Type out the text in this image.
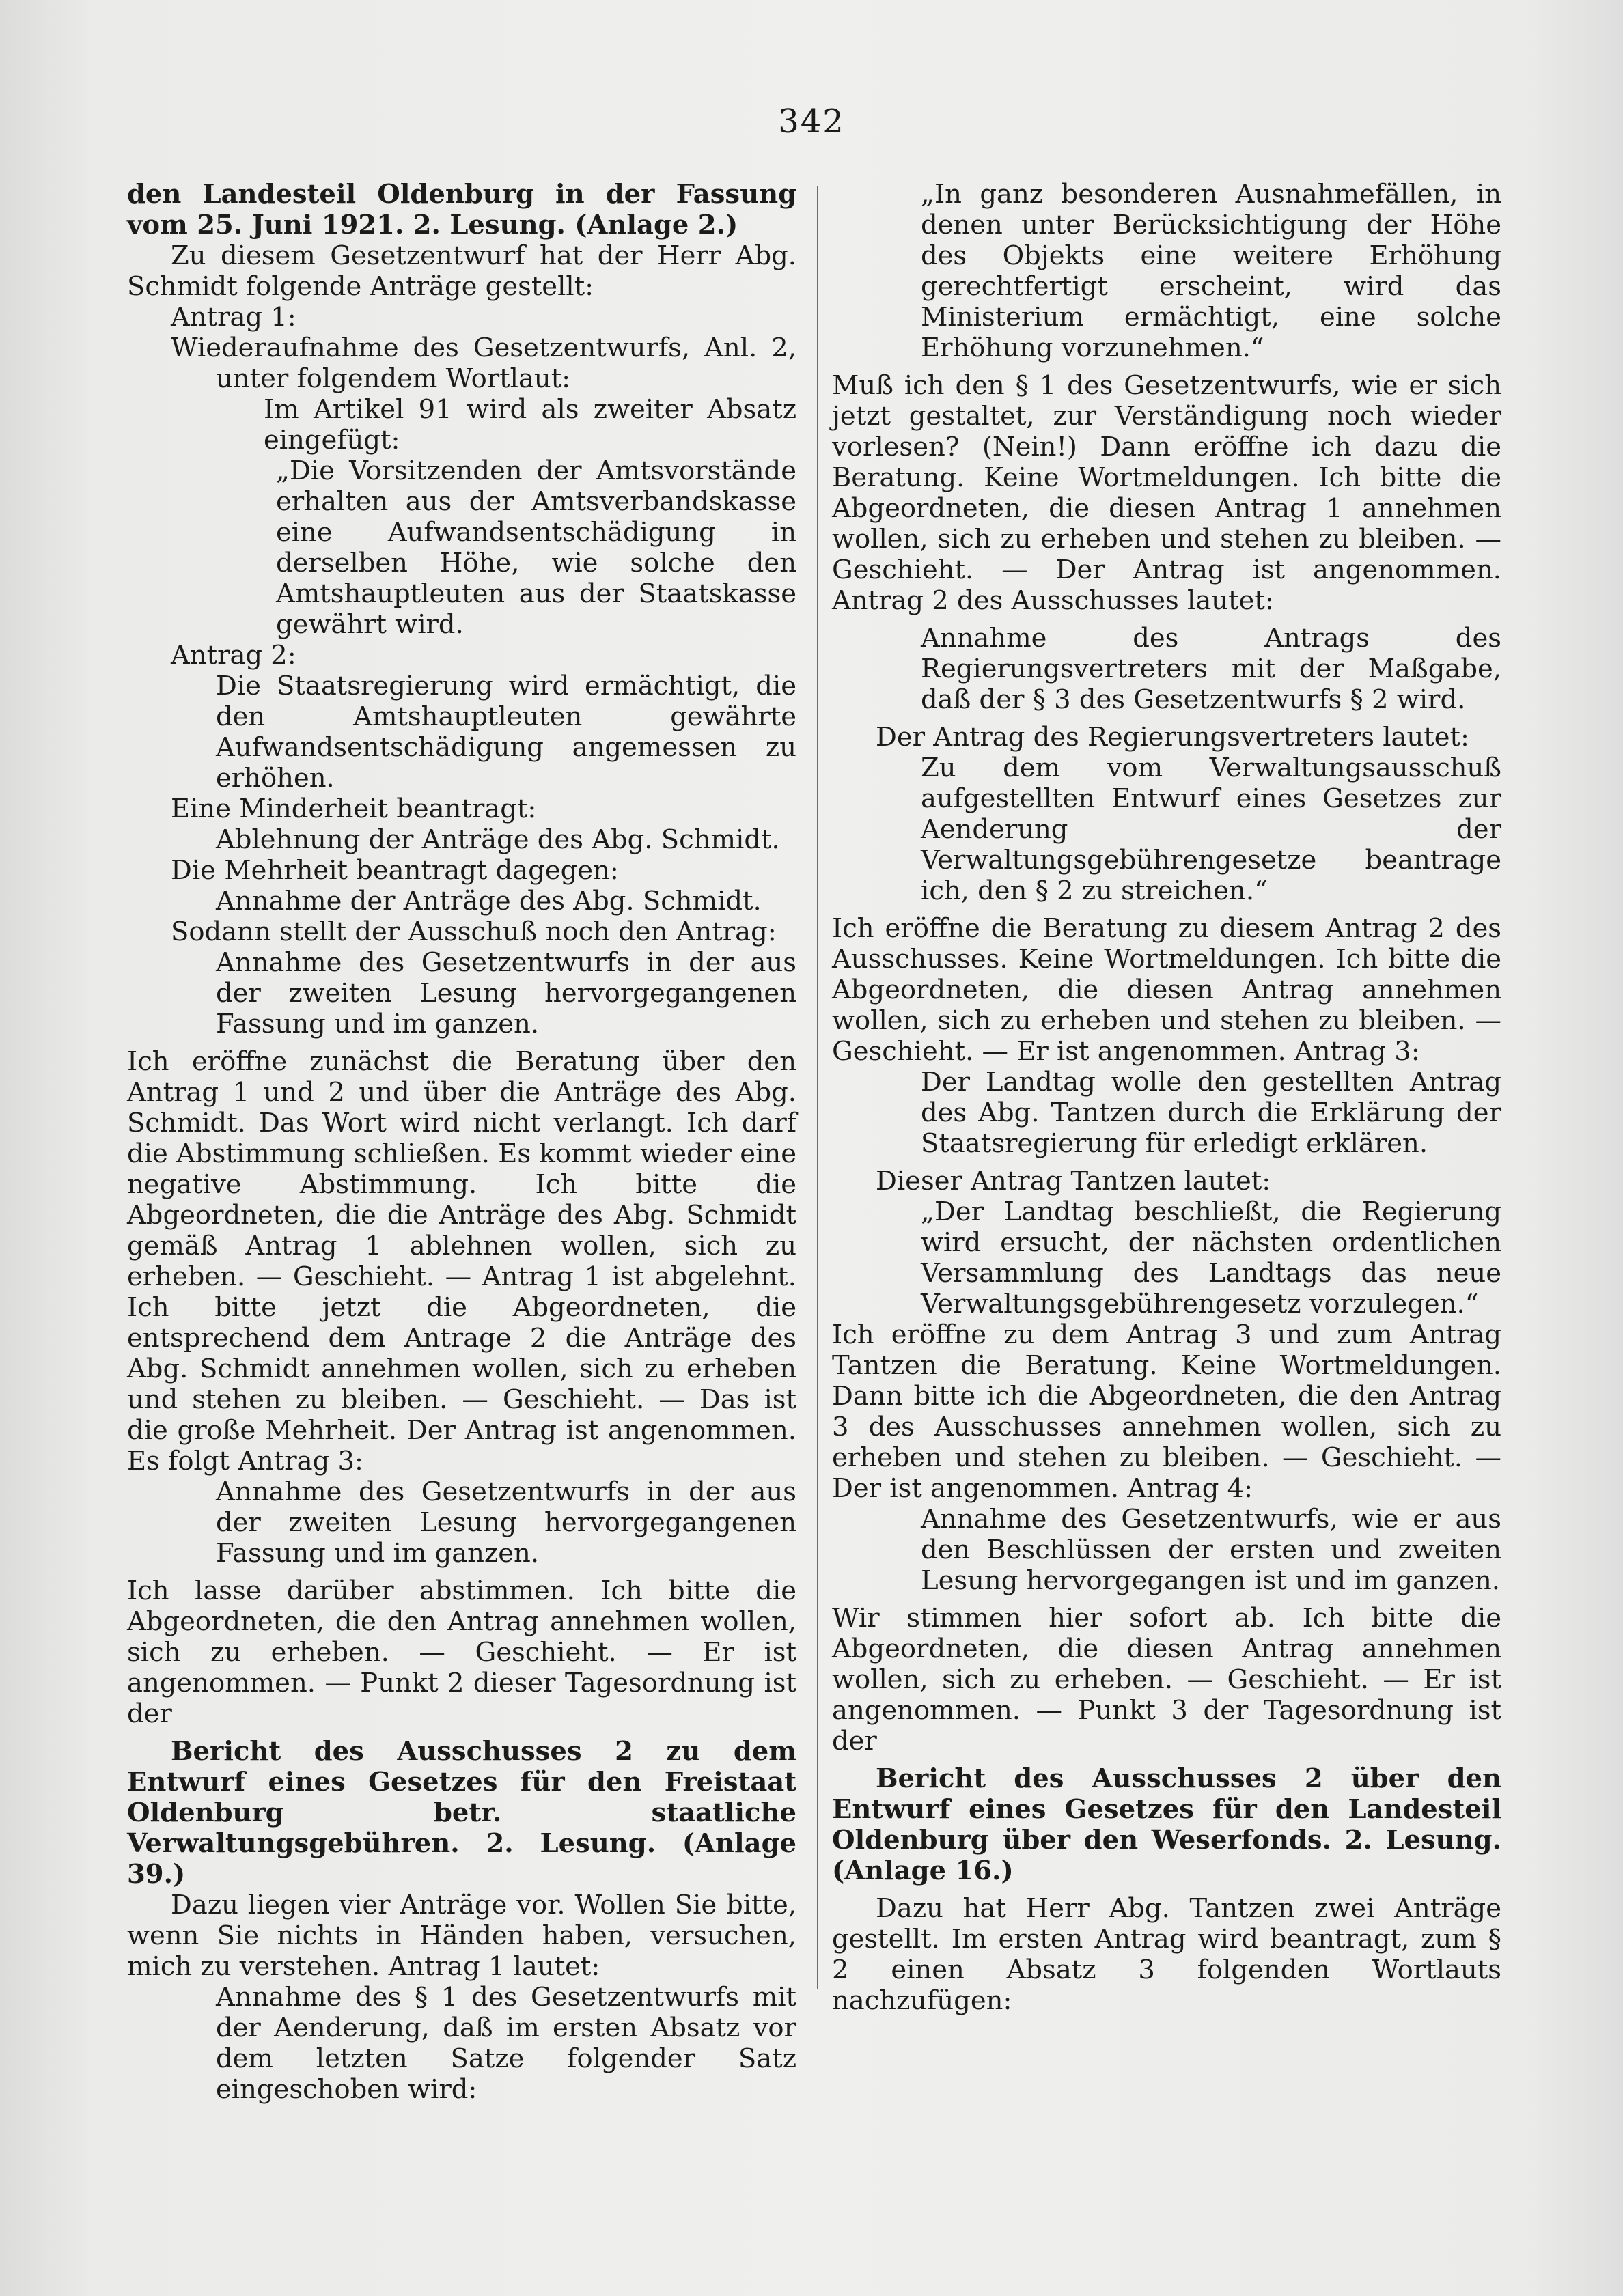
342

den Landesteil Oldenburg in der Fassung vom 25. Juni 1921. 2. Lesung. (Anlage 2.)

Zu diesem Gesetzentwurf hat der Herr Abg. Schmidt folgende Anträge gestellt:

Antrag 1:

Wiederaufnahme des Gesetzentwurfs, Anl. 2, unter folgendem Wortlaut:

Im Artikel 91 wird als zweiter Absatz eingefügt:

„Die Vorsitzenden der Amtsvorstände erhalten aus der Amtsverbandskasse eine Aufwandsentschädigung in derselben Höhe, wie solche den Amtshauptleuten aus der Staatskasse gewährt wird.

Antrag 2:

Die Staatsregierung wird ermächtigt, die den Amtshauptleuten gewährte Aufwandsentschädigung angemessen zu erhöhen.

Eine Minderheit beantragt:

Ablehnung der Anträge des Abg. Schmidt.

Die Mehrheit beantragt dagegen:

Annahme der Anträge des Abg. Schmidt.

Sodann stellt der Ausschuß noch den Antrag:

Annahme des Gesetzentwurfs in der aus der zweiten Lesung hervorgegangenen Fassung und im ganzen.

Ich eröffne zunächst die Beratung über den Antrag 1 und 2 und über die Anträge des Abg. Schmidt. Das Wort wird nicht verlangt. Ich darf die Abstimmung schließen. Es kommt wieder eine negative Abstimmung. Ich bitte die Abgeordneten, die die Anträge des Abg. Schmidt gemäß Antrag 1 ablehnen wollen, sich zu erheben. — Geschieht. — Antrag 1 ist abgelehnt. Ich bitte jetzt die Abgeordneten, die entsprechend dem Antrage 2 die Anträge des Abg. Schmidt annehmen wollen, sich zu erheben und stehen zu bleiben. — Geschieht. — Das ist die große Mehrheit. Der Antrag ist angenommen. Es folgt Antrag 3:

Annahme des Gesetzentwurfs in der aus der zweiten Lesung hervorgegangenen Fassung und im ganzen.

Ich lasse darüber abstimmen. Ich bitte die Abgeordneten, die den Antrag annehmen wollen, sich zu erheben. — Geschieht. — Er ist angenommen. — Punkt 2 dieser Tagesordnung ist der

Bericht des Ausschusses 2 zu dem Entwurf eines Gesetzes für den Freistaat Oldenburg betr. staatliche Verwaltungsgebühren. 2. Lesung. (Anlage 39.)

Dazu liegen vier Anträge vor. Wollen Sie bitte, wenn Sie nichts in Händen haben, versuchen, mich zu verstehen. Antrag 1 lautet:

Annahme des § 1 des Gesetzentwurfs mit der Aenderung, daß im ersten Absatz vor dem letzten Satze folgender Satz eingeschoben wird:

„In ganz besonderen Ausnahmefällen, in denen unter Berücksichtigung der Höhe des Objekts eine weitere Erhöhung gerechtfertigt erscheint, wird das Ministerium ermächtigt, eine solche Erhöhung vorzunehmen.“

Muß ich den § 1 des Gesetzentwurfs, wie er sich jetzt gestaltet, zur Verständigung noch wieder vorlesen? (Nein!) Dann eröffne ich dazu die Beratung. Keine Wortmeldungen. Ich bitte die Abgeordneten, die diesen Antrag 1 annehmen wollen, sich zu erheben und stehen zu bleiben. — Geschieht. — Der Antrag ist angenommen. Antrag 2 des Ausschusses lautet:

Annahme des Antrags des Regierungsvertreters mit der Maßgabe, daß der § 3 des Gesetzentwurfs § 2 wird.

Der Antrag des Regierungsvertreters lautet:

Zu dem vom Verwaltungsausschuß aufgestellten Entwurf eines Gesetzes zur Aenderung der Verwaltungsgebührengesetze beantrage ich, den § 2 zu streichen.“

Ich eröffne die Beratung zu diesem Antrag 2 des Ausschusses. Keine Wortmeldungen. Ich bitte die Abgeordneten, die diesen Antrag annehmen wollen, sich zu erheben und stehen zu bleiben. — Geschieht. — Er ist angenommen. Antrag 3:

Der Landtag wolle den gestellten Antrag des Abg. Tantzen durch die Erklärung der Staatsregierung für erledigt erklären.

Dieser Antrag Tantzen lautet:

„Der Landtag beschließt, die Regierung wird ersucht, der nächsten ordentlichen Versammlung des Landtags das neue Verwaltungsgebührengesetz vorzulegen.“

Ich eröffne zu dem Antrag 3 und zum Antrag Tantzen die Beratung. Keine Wortmeldungen. Dann bitte ich die Abgeordneten, die den Antrag 3 des Ausschusses annehmen wollen, sich zu erheben und stehen zu bleiben. — Geschieht. — Der ist angenommen. Antrag 4:

Annahme des Gesetzentwurfs, wie er aus den Beschlüssen der ersten und zweiten Lesung hervorgegangen ist und im ganzen.

Wir stimmen hier sofort ab. Ich bitte die Abgeordneten, die diesen Antrag annehmen wollen, sich zu erheben. — Geschieht. — Er ist angenommen. — Punkt 3 der Tagesordnung ist der

Bericht des Ausschusses 2 über den Entwurf eines Gesetzes für den Landesteil Oldenburg über den Weserfonds. 2. Lesung. (Anlage 16.)

Dazu hat Herr Abg. Tantzen zwei Anträge gestellt. Im ersten Antrag wird beantragt, zum § 2 einen Absatz 3 folgenden Wortlauts nachzufügen:
